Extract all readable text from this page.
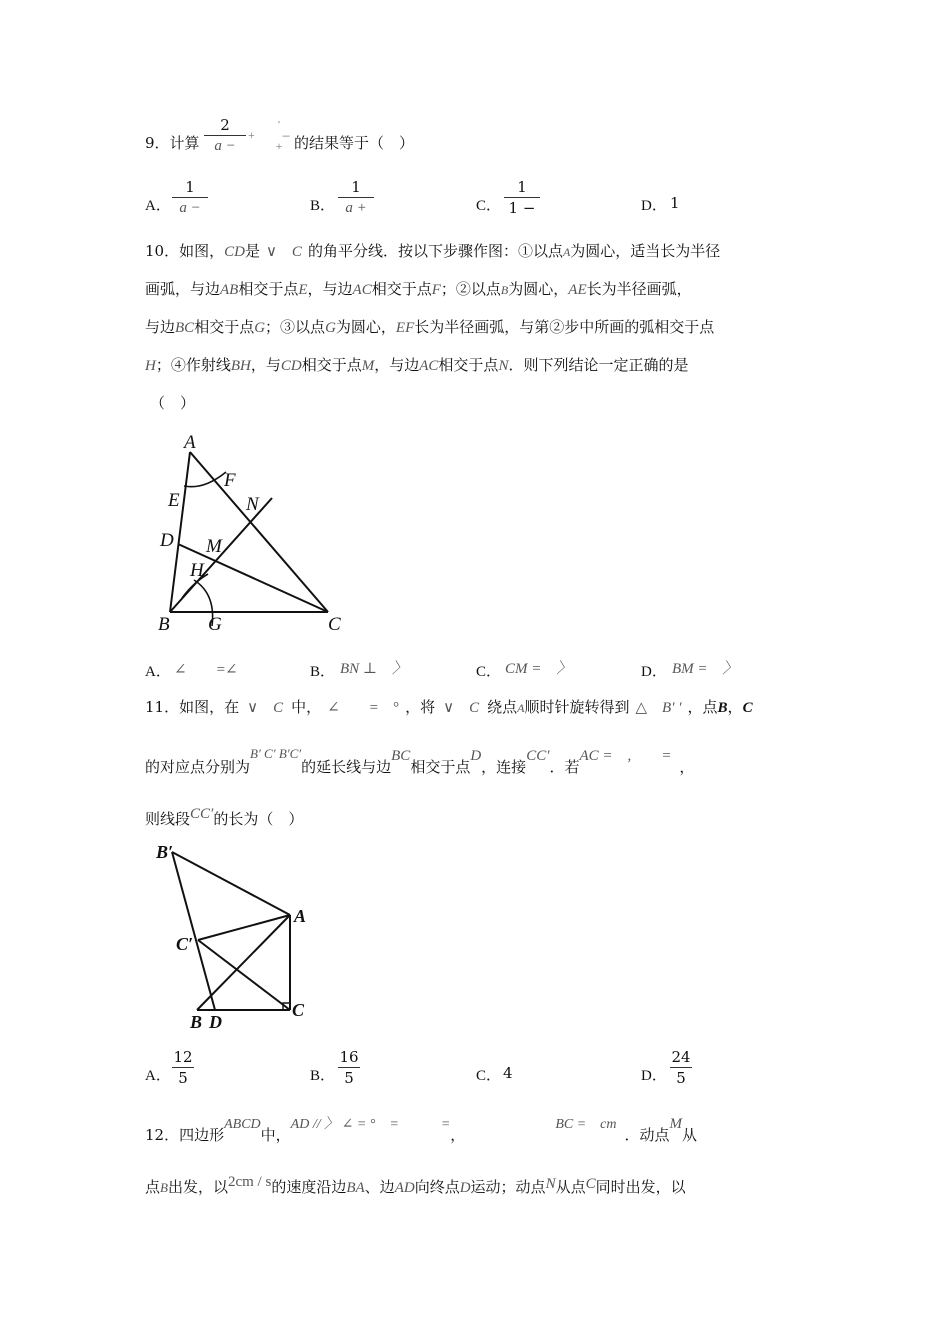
9．计算
2
a −
+
'
+
− 的结果等于（　）
A．
1
a −	B．
1
a +	C．
1
1 −	D． 1
10．如图，CD是 ∨　C 的角平分线．按以下步骤作图：①以点A为圆心，适当长为半径
画弧，与边AB相交于点E，与边AC相交于点F；②以点B为圆心，AE长为半径画弧，
与边BC相交于点G；③以点G为圆心，EF长为半径画弧，与第②步中所画的弧相交于点
H；④作射线BH，与CD相交于点M，与边AC相交于点N．则下列结论一定正确的是
（　）
A
F
E	N
D M
H
B G	C
A． ∠　　=∠	B． BN ⊥　〉	C． CM =　〉	D． BM =　〉
11．如图，在 ∨　C 中， ∠　　=　° ，将 ∨　C 绕点A顺时针旋转得到 △　B′ ′ ，点B，C
的对应点分别为B′ C′ B′C′的延长线与边BC相交于点D，连接CC′．若AC =　,　　=，
则线段CC′的长为（　）
B′
A
C′
B D
C
A．
12
5	B．
16
5	C． 4	D．
24
5
12．四边形ABCD中，AD // 〉 ∠ = °　=　　　=，BC =　cm．动点M从
点B出发，以2cm / s的速度沿边BA、边AD向终点D运动；动点N从点C同时出发，以
